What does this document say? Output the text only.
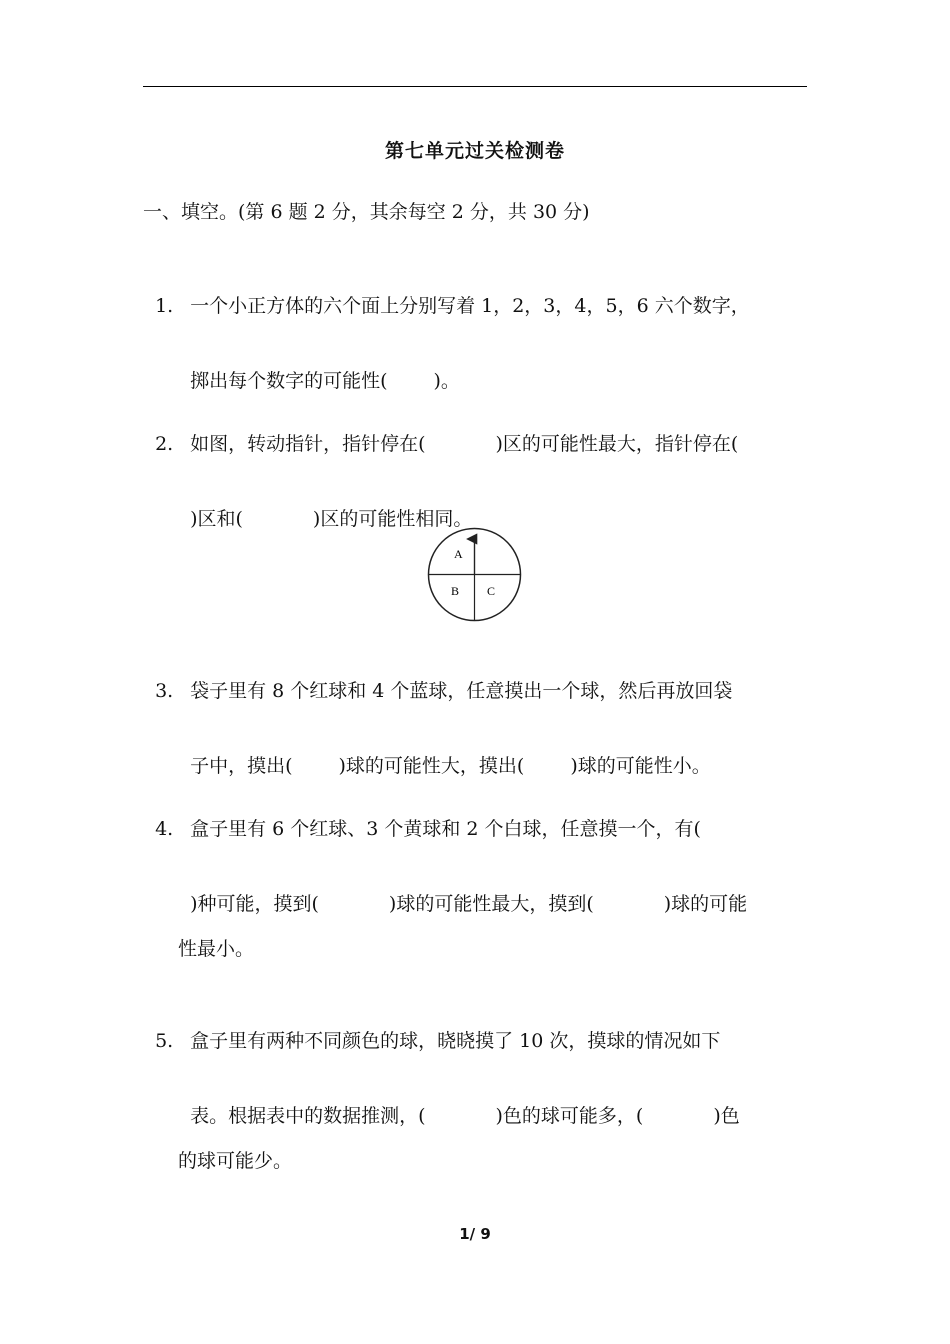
第七单元过关检测卷
一、填空。(第 6 题 2 分，其余每空 2 分，共 30 分)

1. 一个小正方体的六个面上分别写着 1，2，3，4，5，6 六个数字，

掷出每个数字的可能性( )。

2. 如图，转动指针，指针停在(	)区的可能性最大，指针停在(

)区和(	)区的可能性相同。

A
B C

3. 袋子里有 8 个红球和 4 个蓝球，任意摸出一个球，然后再放回袋

子中，摸出( )球的可能性大，摸出( )球的可能性小。

4. 盒子里有 6 个红球、3 个黄球和 2 个白球，任意摸一个，有(

)种可能，摸到(	)球的可能性最大，摸到(	)球的可能

性最小。

5. 盒子里有两种不同颜色的球，晓晓摸了 10 次，摸球的情况如下

表。根据表中的数据推测，(	)色的球可能多，(	)色

的球可能少。
1/ 9
